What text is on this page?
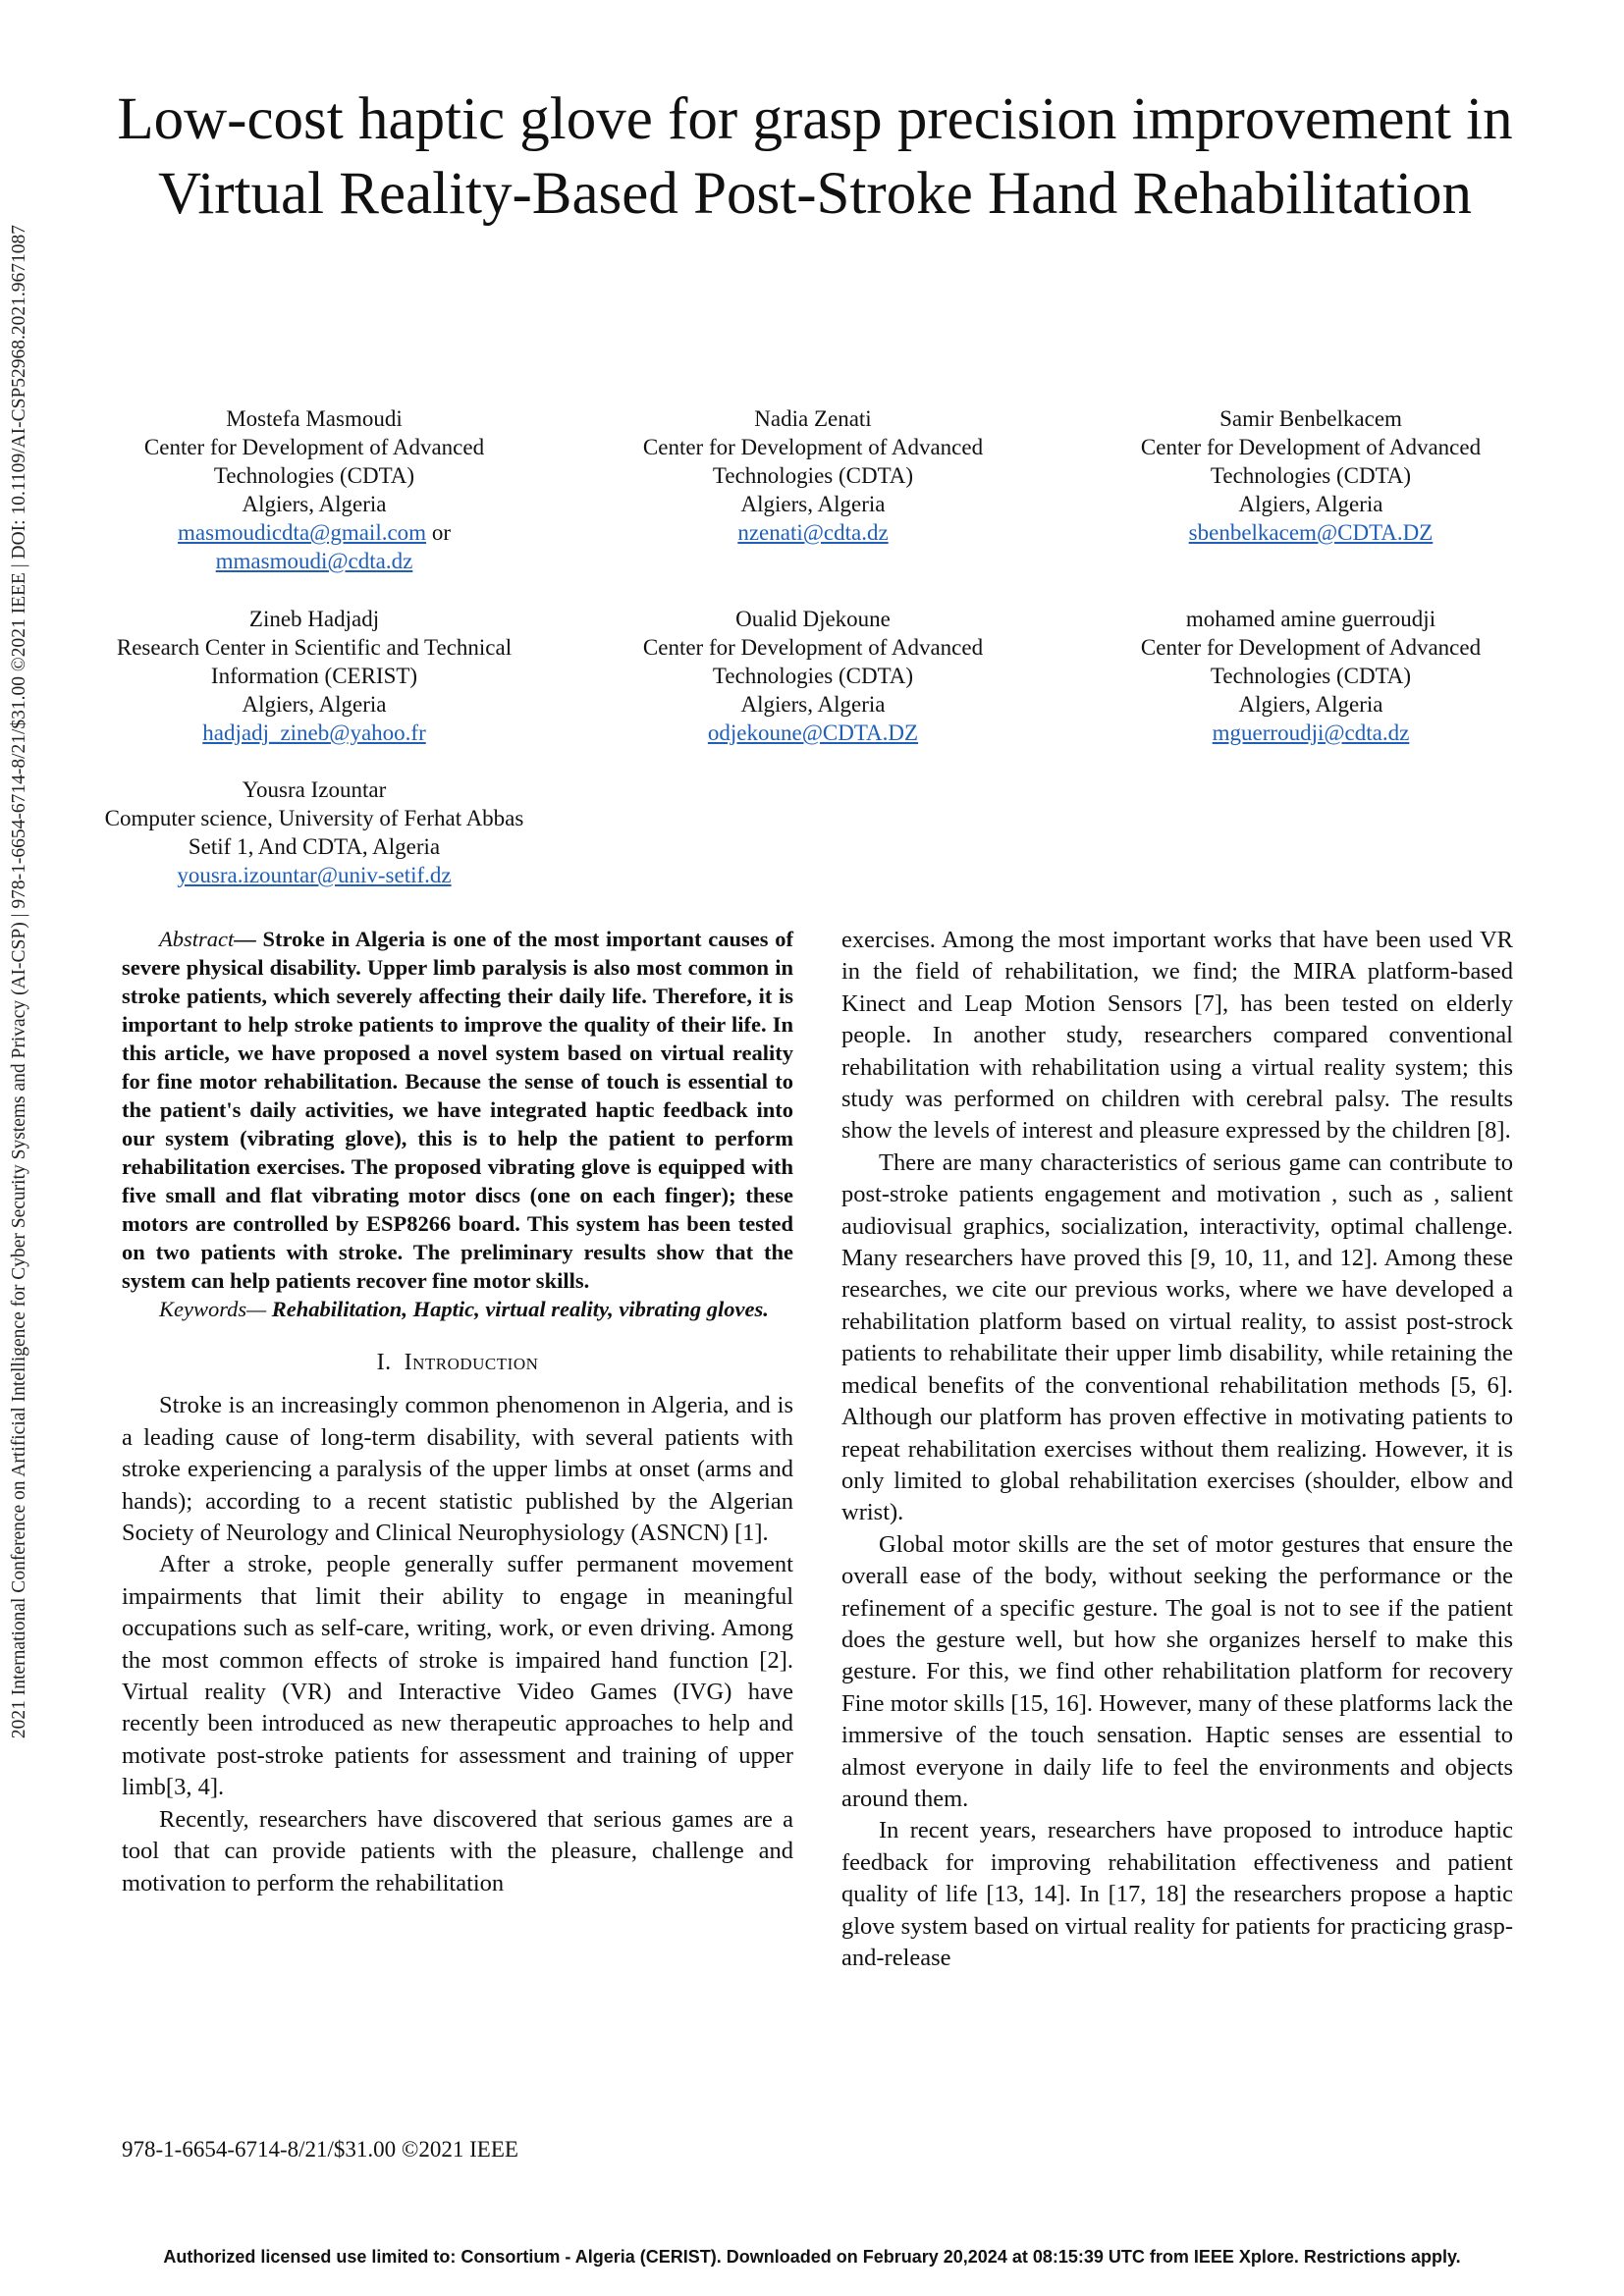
2021 International Conference on Artificial Intelligence for Cyber Security Systems and Privacy (AI-CSP) | 978-1-6654-6714-8/21/$31.00 ©2021 IEEE | DOI: 10.1109/AI-CSP52968.2021.9671087
Low-cost haptic glove for grasp precision improvement in Virtual Reality-Based Post-Stroke Hand Rehabilitation
Mostefa Masmoudi
Center for Development of Advanced Technologies (CDTA)
Algiers, Algeria
masmoudicdta@gmail.com or
mmasmoudi@cdta.dz
Nadia Zenati
Center for Development of Advanced Technologies (CDTA)
Algiers, Algeria
nzenati@cdta.dz
Samir Benbelkacem
Center for Development of Advanced Technologies (CDTA)
Algiers, Algeria
sbenbelkacem@CDTA.DZ
Zineb Hadjadj
Research Center in Scientific and Technical Information (CERIST)
Algiers, Algeria
hadjadj_zineb@yahoo.fr
Oualid Djekoune
Center for Development of Advanced Technologies (CDTA)
Algiers, Algeria
odjekoune@CDTA.DZ
mohamed amine guerroudji
Center for Development of Advanced Technologies (CDTA)
Algiers, Algeria
mguerroudji@cdta.dz
Yousra Izountar
Computer science, University of Ferhat Abbas Setif 1, And CDTA, Algeria
yousra.izountar@univ-setif.dz

Abstract— Stroke in Algeria is one of the most important causes of severe physical disability. Upper limb paralysis is also most common in stroke patients, which severely affecting their daily life. Therefore, it is important to help stroke patients to improve the quality of their life. In this article, we have proposed a novel system based on virtual reality for fine motor rehabilitation. Because the sense of touch is essential to the patient's daily activities, we have integrated haptic feedback into our system (vibrating glove), this is to help the patient to perform rehabilitation exercises. The proposed vibrating glove is equipped with five small and flat vibrating motor discs (one on each finger); these motors are controlled by ESP8266 board. This system has been tested on two patients with stroke. The preliminary results show that the system can help patients recover fine motor skills.

Keywords— Rehabilitation, Haptic, virtual reality, vibrating gloves.

I. Introduction

Stroke is an increasingly common phenomenon in Algeria, and is a leading cause of long-term disability, with several patients with stroke experiencing a paralysis of the upper limbs at onset (arms and hands); according to a recent statistic published by the Algerian Society of Neurology and Clinical Neurophysiology (ASNCN) [1].

After a stroke, people generally suffer permanent movement impairments that limit their ability to engage in meaningful occupations such as self-care, writing, work, or even driving. Among the most common effects of stroke is impaired hand function [2]. Virtual reality (VR) and Interactive Video Games (IVG) have recently been introduced as new therapeutic approaches to help and motivate post-stroke patients for assessment and training of upper limb[3, 4].

Recently, researchers have discovered that serious games are a tool that can provide patients with the pleasure, challenge and motivation to perform the rehabilitation

exercises. Among the most important works that have been used VR in the field of rehabilitation, we find; the MIRA platform-based Kinect and Leap Motion Sensors [7], has been tested on elderly people. In another study, researchers compared conventional rehabilitation with rehabilitation using a virtual reality system; this study was performed on children with cerebral palsy. The results show the levels of interest and pleasure expressed by the children [8].

There are many characteristics of serious game can contribute to post-stroke patients engagement and motivation , such as , salient audiovisual graphics, socialization, interactivity, optimal challenge. Many researchers have proved this [9, 10, 11, and 12]. Among these researches, we cite our previous works, where we have developed a rehabilitation platform based on virtual reality, to assist post-strock patients to rehabilitate their upper limb disability, while retaining the medical benefits of the conventional rehabilitation methods [5, 6]. Although our platform has proven effective in motivating patients to repeat rehabilitation exercises without them realizing. However, it is only limited to global rehabilitation exercises (shoulder, elbow and wrist).

Global motor skills are the set of motor gestures that ensure the overall ease of the body, without seeking the performance or the refinement of a specific gesture. The goal is not to see if the patient does the gesture well, but how she organizes herself to make this gesture. For this, we find other rehabilitation platform for recovery Fine motor skills [15, 16]. However, many of these platforms lack the immersive of the touch sensation. Haptic senses are essential to almost everyone in daily life to feel the environments and objects around them.

In recent years, researchers have proposed to introduce haptic feedback for improving rehabilitation effectiveness and patient quality of life [13, 14]. In [17, 18] the researchers propose a haptic glove system based on virtual reality for patients for practicing grasp-and-release

978-1-6654-6714-8/21/$31.00 ©2021 IEEE
Authorized licensed use limited to: Consortium - Algeria (CERIST). Downloaded on February 20,2024 at 08:15:39 UTC from IEEE Xplore. Restrictions apply.
